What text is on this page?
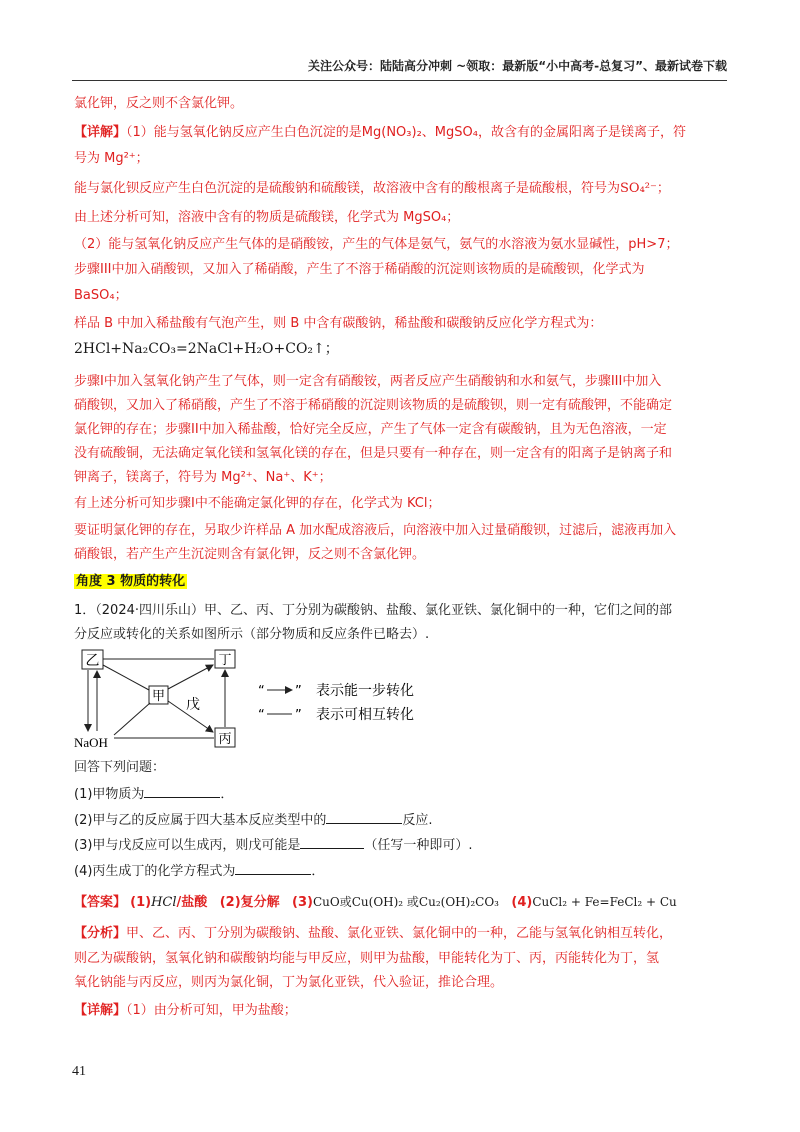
关注公众号：陆陆高分冲刺 ~领取：最新版“小中高考-总复习”、最新试卷下载
氯化钾，反之则不含氯化钾。
【详解】（1）能与氢氧化钠反应产生白色沉淀的是Mg(NO₃)₂、MgSO₄，故含有的金属阳离子是镁离子，符
号为 Mg²⁺；
能与氯化钡反应产生白色沉淀的是硫酸钠和硫酸镁，故溶液中含有的酸根离子是硫酸根，符号为SO₄²⁻；
由上述分析可知，溶液中含有的物质是硫酸镁，化学式为 MgSO₄；
（2）能与氢氧化钠反应产生气体的是硝酸铵，产生的气体是氨气，氨气的水溶液为氨水显碱性，pH>7；
步骤III中加入硝酸钡，又加入了稀硝酸，产生了不溶于稀硝酸的沉淀则该物质的是硫酸钡，化学式为
BaSO₄；
样品 B 中加入稀盐酸有气泡产生，则 B 中含有碳酸钠，稀盐酸和碳酸钠反应化学方程式为：
2HCl+Na₂CO₃=2NaCl+H₂O+CO₂↑；
步骤Ⅰ中加入氢氧化钠产生了气体，则一定含有硝酸铵，两者反应产生硝酸钠和水和氨气，步骤III中加入
硝酸钡，又加入了稀硝酸，产生了不溶于稀硝酸的沉淀则该物质的是硫酸钡，则一定有硫酸钾，不能确定
氯化钾的存在；步骤II中加入稀盐酸，恰好完全反应，产生了气体一定含有碳酸钠，且为无色溶液，一定
没有硫酸铜，无法确定氧化镁和氢氧化镁的存在，但是只要有一种存在，则一定含有的阳离子是钠离子和
钾离子，镁离子，符号为 Mg²⁺、Na⁺、K⁺；
有上述分析可知步骤Ⅰ中不能确定氯化钾的存在，化学式为 KCl；
要证明氯化钾的存在，另取少许样品 A 加水配成溶液后，向溶液中加入过量硝酸钡，过滤后，滤液再加入
硝酸银，若产生产生沉淀则含有氯化钾，反之则不含氯化钾。
角度 3 物质的转化
1．（2024·四川乐山）甲、乙、丙、丁分别为碳酸钠、盐酸、氯化亚铁、氯化铜中的一种，它们之间的部
分反应或转化的关系如图所示（部分物质和反应条件已略去）.
乙
甲
丁
丙
戊
NaOH
“ ” 表示能一步转化
“ ” 表示可相互转化
回答下列问题：
(1)甲物质为	．
(2)甲与乙的反应属于四大基本反应类型中的	反应.
(3)甲与戊反应可以生成丙，则戊可能是	（任写一种即可）.
(4)丙生成丁的化学方程式为	．
【答案】 (1)HCl/盐酸 (2)复分解 (3)CuO或Cu(OH)₂ 或Cu₂(OH)₂CO₃ (4)CuCl₂ + Fe=FeCl₂ + Cu
【分析】甲、乙、丙、丁分别为碳酸钠、盐酸、氯化亚铁、氯化铜中的一种，乙能与氢氧化钠相互转化，
则乙为碳酸钠，氢氧化钠和碳酸钠均能与甲反应，则甲为盐酸，甲能转化为丁、丙，丙能转化为丁，氢
氧化钠能与丙反应，则丙为氯化铜，丁为氯化亚铁，代入验证，推论合理。
【详解】（1）由分析可知，甲为盐酸；
41
